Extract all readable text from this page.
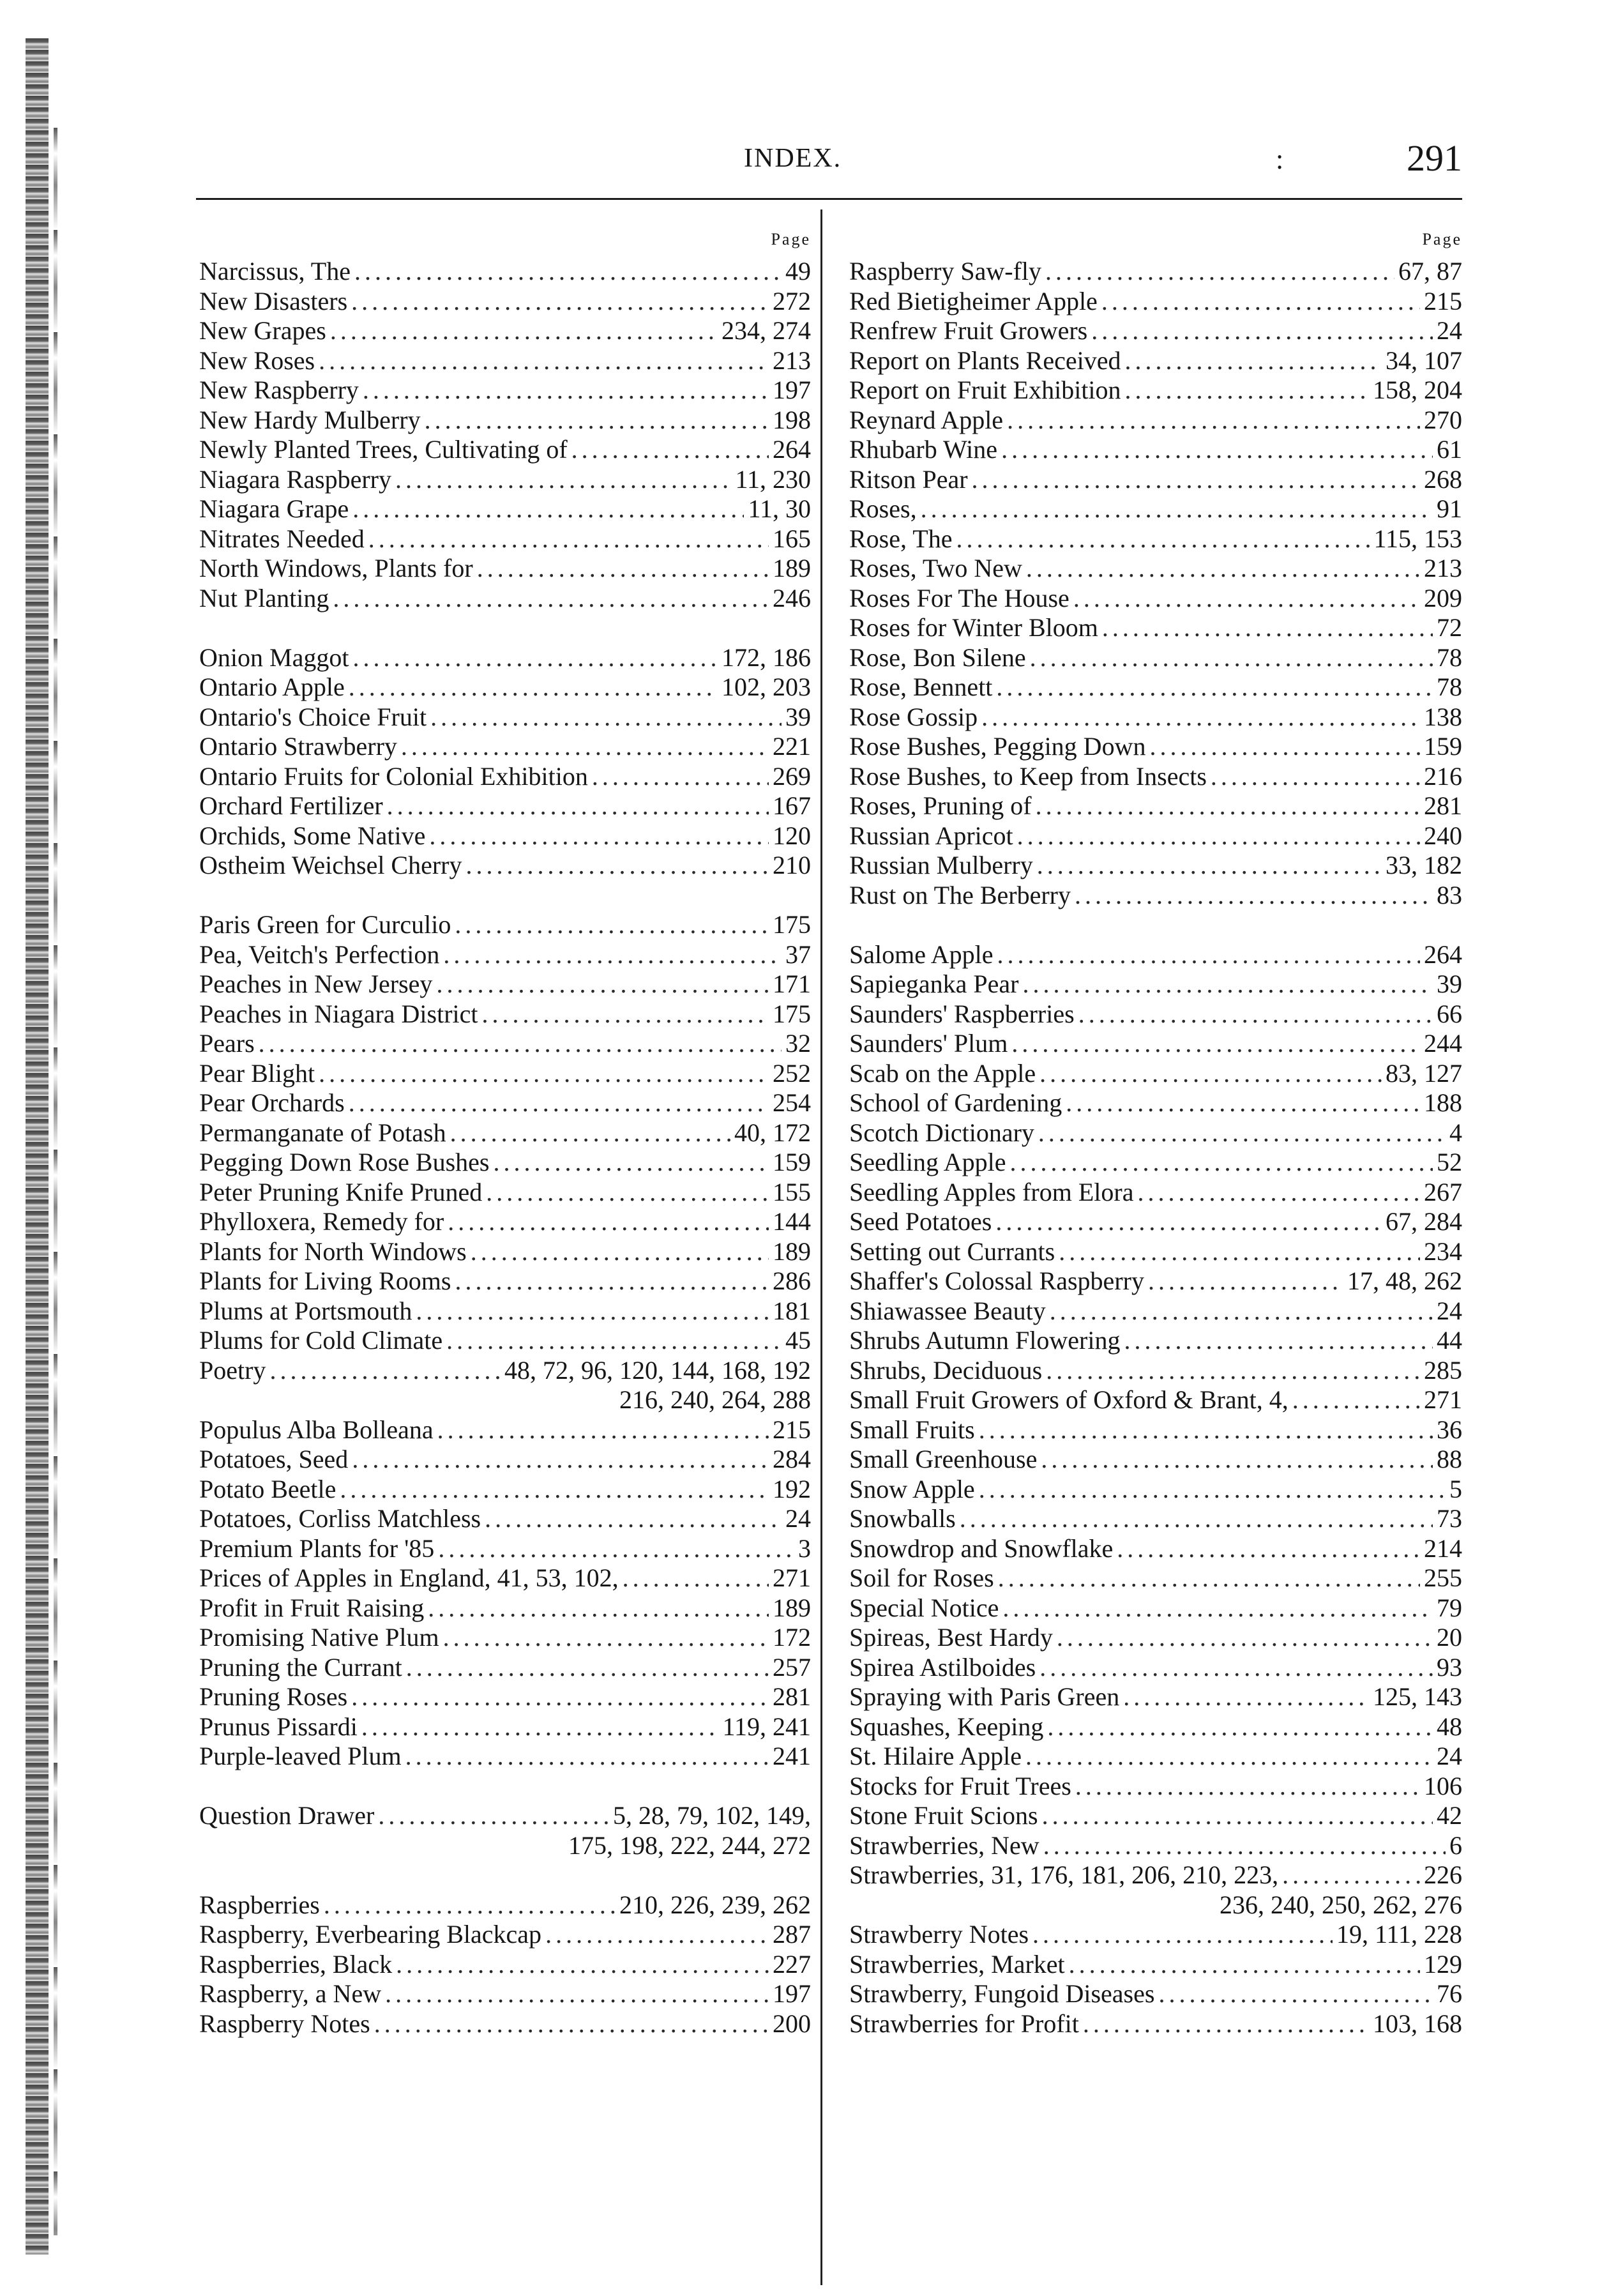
INDEX.	:	291
Page
Narcissus, The .....	49
New Disasters .....	272
New Grapes .....	234, 274
New Roses .....	213
New Raspberry .....	197
New Hardy Mulberry .....	198
Newly Planted Trees, Cultivating of .....	264
Niagara Raspberry .....	11, 230
Niagara Grape .....	11, 30
Nitrates Needed .....	165
North Windows, Plants for .....	189
Nut Planting .....	246
Onion Maggot .....	172, 186
Ontario Apple .....	102, 203
Ontario's Choice Fruit .....	39
Ontario Strawberry .....	221
Ontario Fruits for Colonial Exhibition .....	269
Orchard Fertilizer .....	167
Orchids, Some Native .....	120
Ostheim Weichsel Cherry .....	210
Paris Green for Curculio .....	175
Pea, Veitch's Perfection .....	37
Peaches in New Jersey .....	171
Peaches in Niagara District .....	175
Pears .....	32
Pear Blight .....	252
Pear Orchards .....	254
Permanganate of Potash .....	40, 172
Pegging Down Rose Bushes .....	159
Peter Pruning Knife Pruned .....	155
Phylloxera, Remedy for .....	144
Plants for North Windows .....	189
Plants for Living Rooms .....	286
Plums at Portsmouth .....	181
Plums for Cold Climate .....	45
Poetry .....	48, 72, 96, 120, 144, 168, 192
216, 240, 264, 288
Populus Alba Bolleana .....	215
Potatoes, Seed .....	284
Potato Beetle .....	192
Potatoes, Corliss Matchless .....	24
Premium Plants for '85 .....	3
Prices of Apples in England, 41, 53, 102, .....	271
Profit in Fruit Raising .....	189
Promising Native Plum .....	172
Pruning the Currant .....	257
Pruning Roses .....	281
Prunus Pissardi .....	119, 241
Purple-leaved Plum .....	241
Question Drawer .....	5, 28, 79, 102, 149,
175, 198, 222, 244, 272
Raspberries .....	210, 226, 239, 262
Raspberry, Everbearing Blackcap .....	287
Raspberries, Black .....	227
Raspberry, a New .....	197
Raspberry Notes .....	200
Page
Raspberry Saw-fly .....	67, 87
Red Bietigheimer Apple .....	215
Renfrew Fruit Growers .....	24
Report on Plants Received .....	34, 107
Report on Fruit Exhibition .....	158, 204
Reynard Apple .....	270
Rhubarb Wine .....	61
Ritson Pear .....	268
Roses, .....	91
Rose, The .....	115, 153
Roses, Two New .....	213
Roses For The House .....	209
Roses for Winter Bloom .....	72
Rose, Bon Silene .....	78
Rose, Bennett .....	78
Rose Gossip .....	138
Rose Bushes, Pegging Down .....	159
Rose Bushes, to Keep from Insects .....	216
Roses, Pruning of .....	281
Russian Apricot .....	240
Russian Mulberry .....	33, 182
Rust on The Berberry .....	83
Salome Apple .....	264
Sapieganka Pear .....	39
Saunders' Raspberries .....	66
Saunders' Plum .....	244
Scab on the Apple .....	83, 127
School of Gardening .....	188
Scotch Dictionary .....	4
Seedling Apple .....	52
Seedling Apples from Elora .....	267
Seed Potatoes .....	67, 284
Setting out Currants .....	234
Shaffer's Colossal Raspberry .....	17, 48, 262
Shiawassee Beauty .....	24
Shrubs Autumn Flowering .....	44
Shrubs, Deciduous .....	285
Small Fruit Growers of Oxford & Brant, 4, .....	271
Small Fruits .....	36
Small Greenhouse .....	88
Snow Apple .....	5
Snowballs .....	73
Snowdrop and Snowflake .....	214
Soil for Roses .....	255
Special Notice .....	79
Spireas, Best Hardy .....	20
Spirea Astilboides .....	93
Spraying with Paris Green .....	125, 143
Squashes, Keeping .....	48
St. Hilaire Apple .....	24
Stocks for Fruit Trees .....	106
Stone Fruit Scions .....	42
Strawberries, New .....	6
Strawberries, 31, 176, 181, 206, 210, 223, .....	226
236, 240, 250, 262, 276
Strawberry Notes .....	19, 111, 228
Strawberries, Market .....	129
Strawberry, Fungoid Diseases .....	76
Strawberries for Profit .....	103, 168
